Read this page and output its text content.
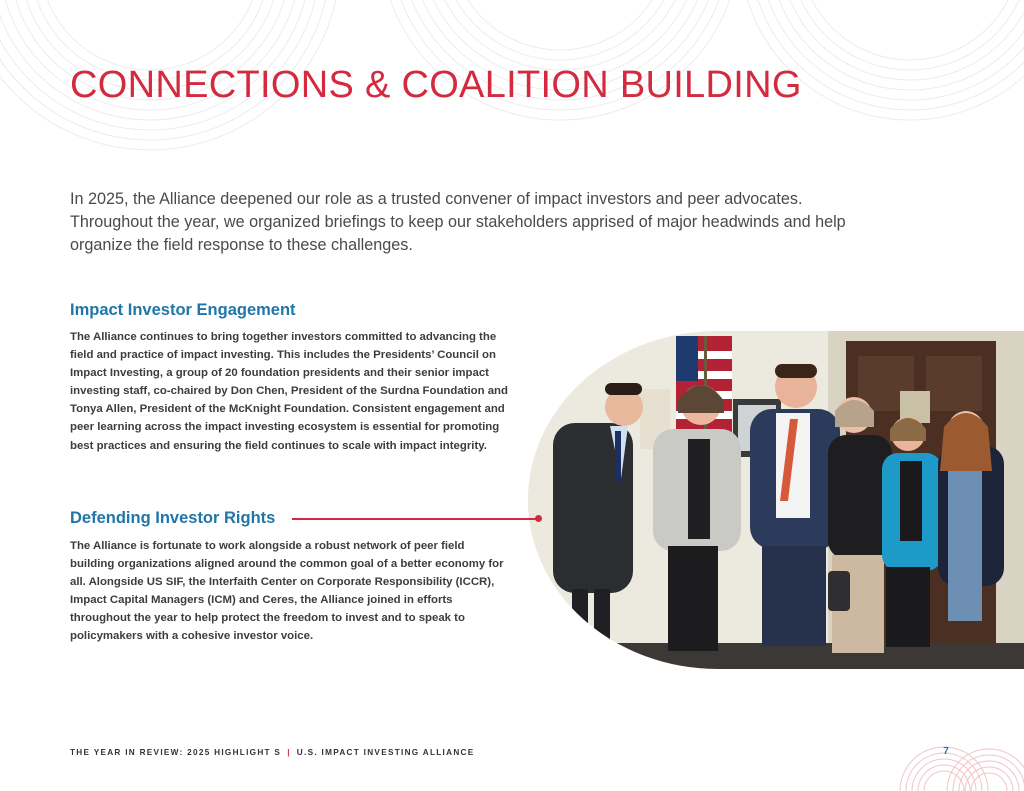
CONNECTIONS & COALITION BUILDING

In 2025, the Alliance deepened our role as a trusted convener of impact investors and peer advocates. Throughout the year, we organized briefings to keep our stakeholders apprised of major headwinds and help organize the field response to these challenges.

Impact Investor Engagement

The Alliance continues to bring together investors committed to advancing the field and practice of impact investing. This includes the Presidents’ Council on Impact Investing, a group of 20 foundation presidents and their senior impact investing staff, co-chaired by Don Chen, President of the Surdna Foundation and Tonya Allen, President of the McKnight Foundation. Consistent engagement and peer learning across the impact investing ecosystem is essential for promoting best practices and ensuring the field continues to scale with impact integrity.

Defending Investor Rights

The Alliance is fortunate to work alongside a robust network of peer field building organizations aligned around the common goal of a better economy for all. Alongside US SIF, the Interfaith Center on Corporate Responsibility (ICCR), Impact Capital Managers (ICM) and Ceres, the Alliance joined in efforts throughout the year to help protect the freedom to invest and to speak to policymakers with a cohesive investor voice.

THE YEAR IN REVIEW: 2025 HIGHLIGHT S | U.S. IMPACT INVESTING ALLIANCE	7
